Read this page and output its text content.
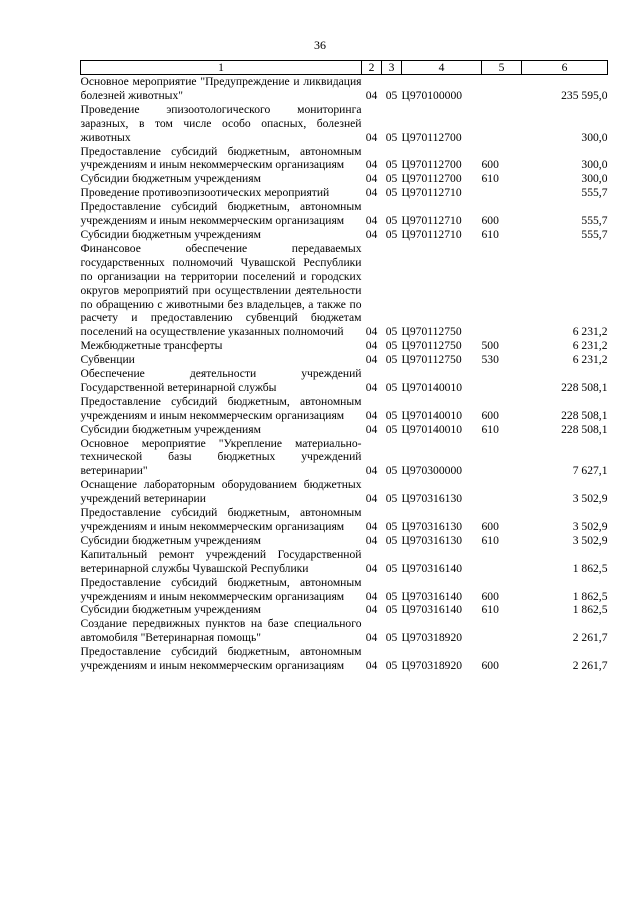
36
1	2	3	4	5	6
Основное мероприятие "Предупреждение и ликвидация болезней животных"	04	05	Ц970100000		235 595,0
Проведение эпизоотологического мониторинга заразных, в том числе особо опасных, болезней животных	04	05	Ц970112700		300,0
Предоставление субсидий бюджетным, автономным учреждениям и иным некоммерческим организациям	04	05	Ц970112700	600	300,0
Субсидии бюджетным учреждениям	04	05	Ц970112700	610	300,0
Проведение противоэпизоотических мероприятий	04	05	Ц970112710		555,7
Предоставление субсидий бюджетным, автономным учреждениям и иным некоммерческим организациям	04	05	Ц970112710	600	555,7
Субсидии бюджетным учреждениям	04	05	Ц970112710	610	555,7
Финансовое обеспечение передаваемых государственных полномочий Чувашской Республики по организации на территории поселений и городских округов мероприятий при осуществлении деятельности по обращению с животными без владельцев, а также по расчету и предоставлению субвенций бюджетам поселений на осуществление указанных полномочий	04	05	Ц970112750		6 231,2
Межбюджетные трансферты	04	05	Ц970112750	500	6 231,2
Субвенции	04	05	Ц970112750	530	6 231,2
Обеспечение деятельности учреждений Государственной ветеринарной службы	04	05	Ц970140010		228 508,1
Предоставление субсидий бюджетным, автономным учреждениям и иным некоммерческим организациям	04	05	Ц970140010	600	228 508,1
Субсидии бюджетным учреждениям	04	05	Ц970140010	610	228 508,1
Основное мероприятие "Укрепление материально-технической базы бюджетных учреждений ветеринарии"	04	05	Ц970300000		7 627,1
Оснащение лабораторным оборудованием бюджетных учреждений ветеринарии	04	05	Ц970316130		3 502,9
Предоставление субсидий бюджетным, автономным учреждениям и иным некоммерческим организациям	04	05	Ц970316130	600	3 502,9
Субсидии бюджетным учреждениям	04	05	Ц970316130	610	3 502,9
Капитальный ремонт учреждений Государственной ветеринарной службы Чувашской Республики	04	05	Ц970316140		1 862,5
Предоставление субсидий бюджетным, автономным учреждениям и иным некоммерческим организациям	04	05	Ц970316140	600	1 862,5
Субсидии бюджетным учреждениям	04	05	Ц970316140	610	1 862,5
Создание передвижных пунктов на базе специального автомобиля "Ветеринарная помощь"	04	05	Ц970318920		2 261,7
Предоставление субсидий бюджетным, автономным учреждениям и иным некоммерческим организациям	04	05	Ц970318920	600	2 261,7
